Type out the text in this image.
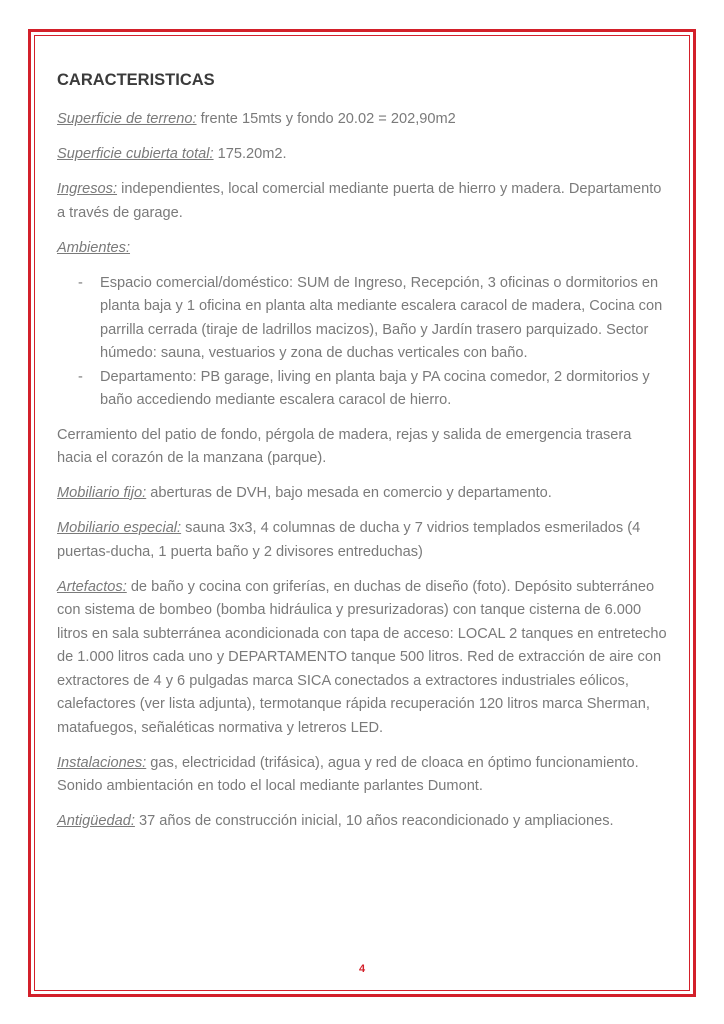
CARACTERISTICAS

Superficie de terreno: frente 15mts y fondo 20.02 = 202,90m2

Superficie cubierta total: 175.20m2.

Ingresos: independientes, local comercial mediante puerta de hierro y madera. Departamento a través de garage.

Ambientes:

- Espacio comercial/doméstico: SUM de Ingreso, Recepción, 3 oficinas o dormitorios en planta baja y 1 oficina en planta alta mediante escalera caracol de madera, Cocina con parrilla cerrada (tiraje de ladrillos macizos), Baño y Jardín trasero parquizado. Sector húmedo: sauna, vestuarios y zona de duchas verticales con baño.
- Departamento: PB garage, living en planta baja y PA cocina comedor, 2 dormitorios y baño accediendo mediante escalera caracol de hierro.

Cerramiento del patio de fondo, pérgola de madera, rejas y salida de emergencia trasera hacia el corazón de la manzana (parque).

Mobiliario fijo: aberturas de DVH, bajo mesada en comercio y departamento.

Mobiliario especial: sauna 3x3, 4 columnas de ducha y 7 vidrios templados esmerilados (4 puertas-ducha, 1 puerta baño y 2 divisores entreduchas)

Artefactos: de baño y cocina con griferías, en duchas de diseño (foto). Depósito subterráneo con sistema de bombeo (bomba hidráulica y presurizadoras) con tanque cisterna de 6.000 litros en sala subterránea acondicionada con tapa de acceso: LOCAL 2 tanques en entretecho de 1.000 litros cada uno y DEPARTAMENTO tanque 500 litros. Red de extracción de aire con extractores de 4 y 6 pulgadas marca SICA conectados a extractores industriales eólicos, calefactores (ver lista adjunta), termotanque rápida recuperación 120 litros marca Sherman, matafuegos, señaléticas normativa y letreros LED.

Instalaciones: gas, electricidad (trifásica), agua y red de cloaca en óptimo funcionamiento. Sonido ambientación en todo el local mediante parlantes Dumont.

Antigüedad: 37 años de construcción inicial, 10 años reacondicionado y ampliaciones.

4
